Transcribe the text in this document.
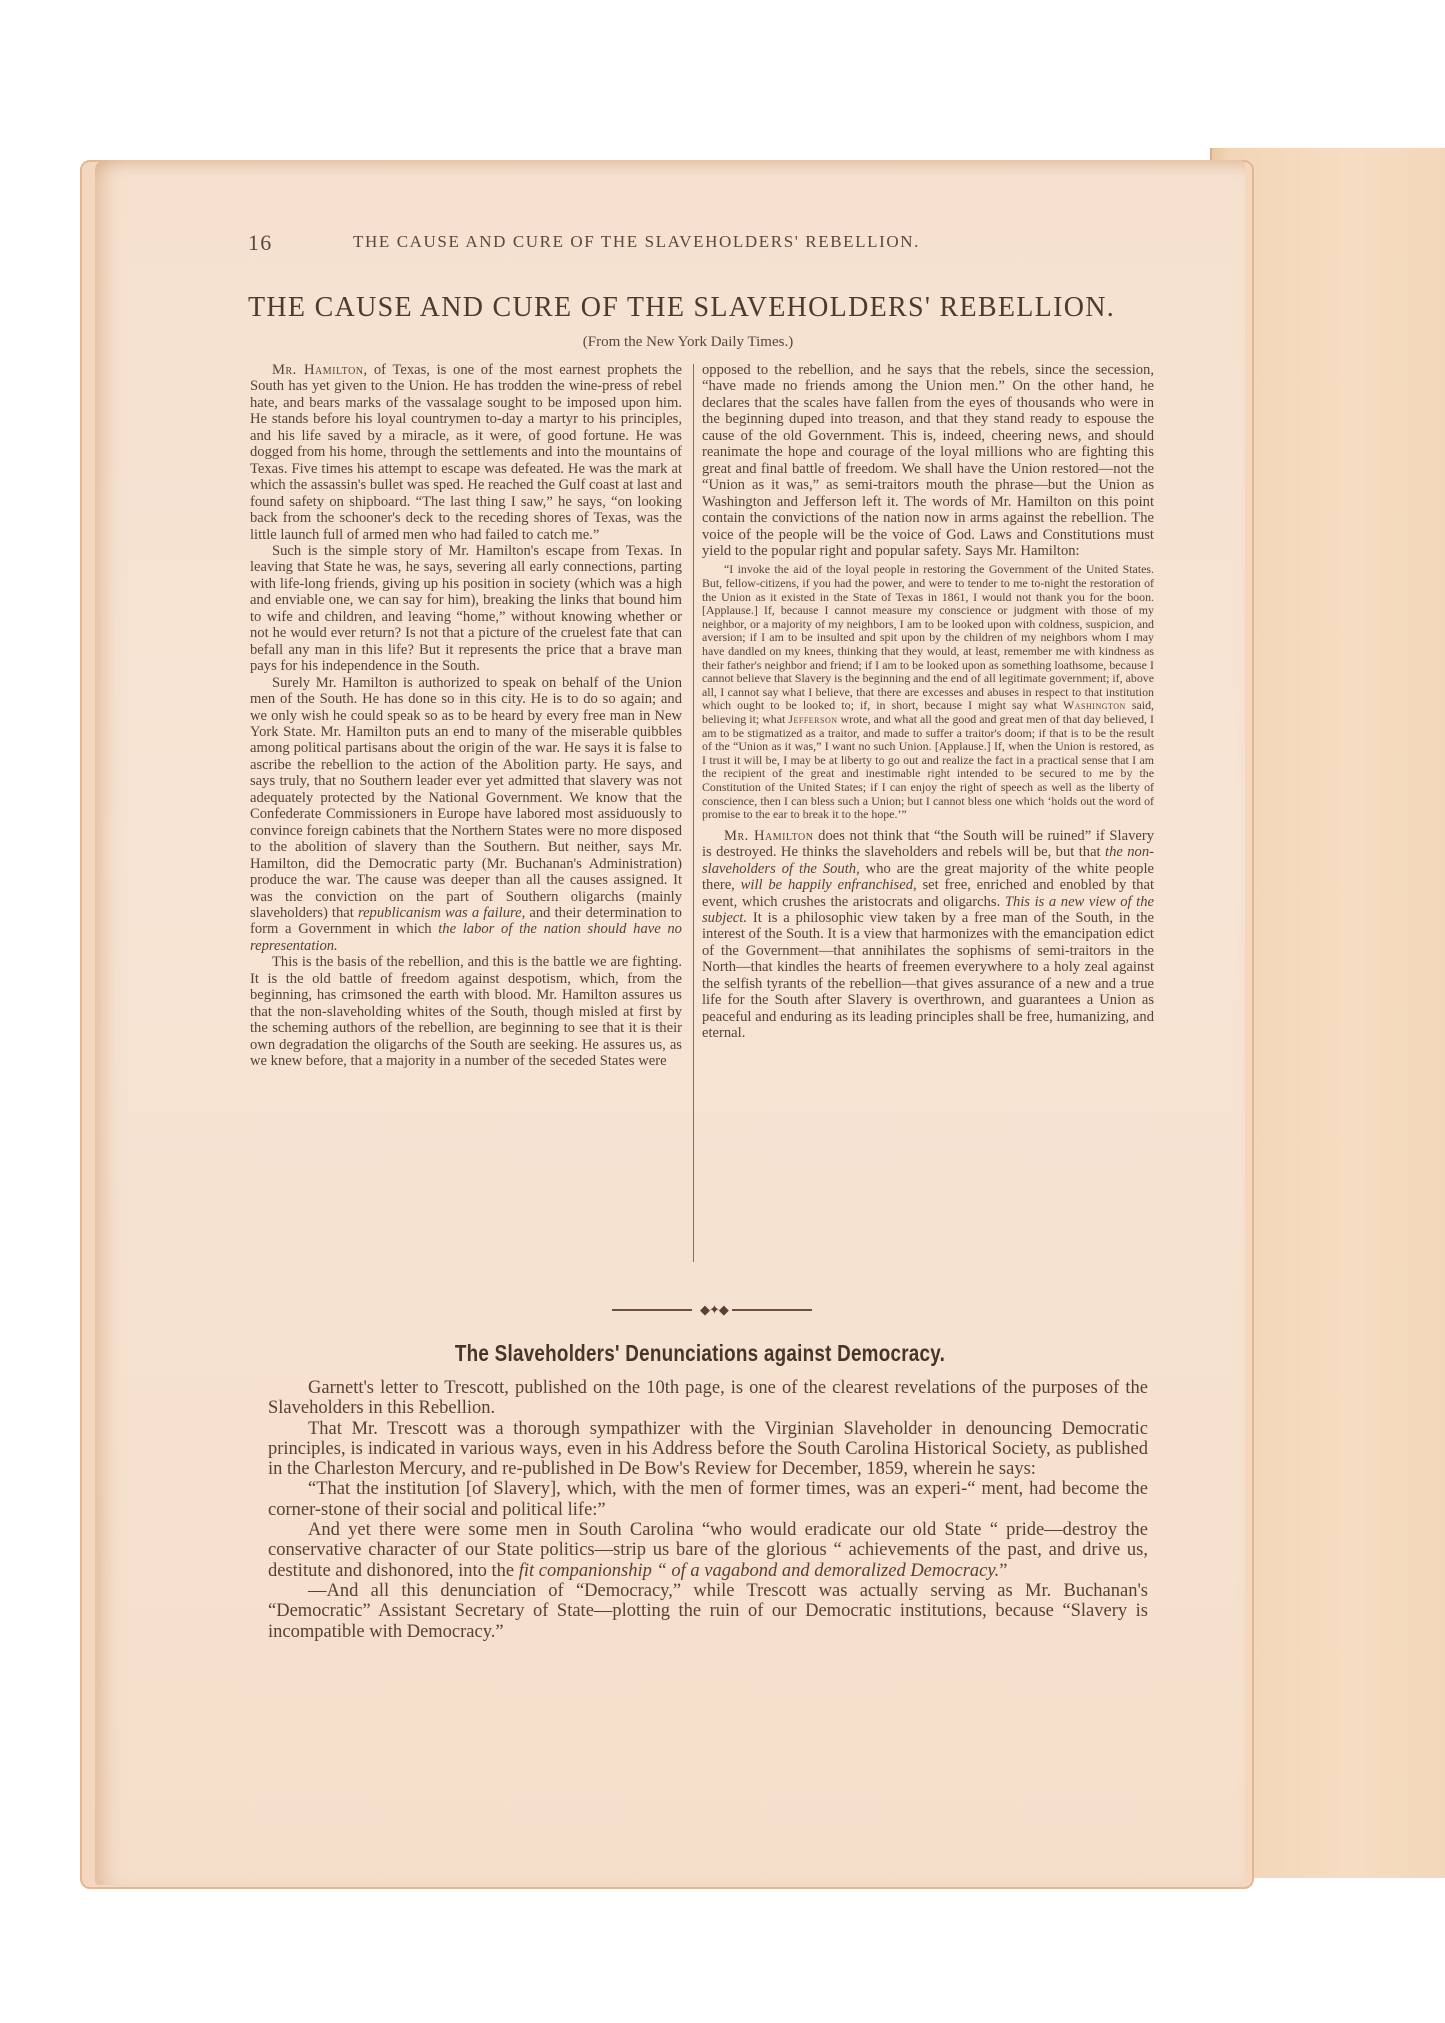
16	THE CAUSE AND CURE OF THE SLAVEHOLDERS' REBELLION.
THE CAUSE AND CURE OF THE SLAVEHOLDERS' REBELLION.
(From the New York Daily Times.)

Mr. Hamilton, of Texas, is one of the most earnest prophets the South has yet given to the Union. He has trodden the wine-press of rebel hate, and bears marks of the vassalage sought to be imposed upon him. He stands before his loyal countrymen to-day a martyr to his principles, and his life saved by a miracle, as it were, of good fortune. He was dogged from his home, through the settlements and into the mountains of Texas. Five times his attempt to escape was defeated. He was the mark at which the assassin's bullet was sped. He reached the Gulf coast at last and found safety on shipboard. “The last thing I saw,” he says, “on looking back from the schooner's deck to the receding shores of Texas, was the little launch full of armed men who had failed to catch me.”

Such is the simple story of Mr. Hamilton's escape from Texas. In leaving that State he was, he says, severing all early connections, parting with life-long friends, giving up his position in society (which was a high and enviable one, we can say for him), breaking the links that bound him to wife and children, and leaving “home,” without knowing whether or not he would ever return? Is not that a picture of the cruelest fate that can befall any man in this life? But it represents the price that a brave man pays for his independence in the South.

Surely Mr. Hamilton is authorized to speak on behalf of the Union men of the South. He has done so in this city. He is to do so again; and we only wish he could speak so as to be heard by every free man in New York State. Mr. Hamilton puts an end to many of the miserable quibbles among political partisans about the origin of the war. He says it is false to ascribe the rebellion to the action of the Abolition party. He says, and says truly, that no Southern leader ever yet admitted that slavery was not adequately protected by the National Government. We know that the Confederate Commissioners in Europe have labored most assiduously to convince foreign cabinets that the Northern States were no more disposed to the abolition of slavery than the Southern. But neither, says Mr. Hamilton, did the Democratic party (Mr. Buchanan's Administration) produce the war. The cause was deeper than all the causes assigned. It was the conviction on the part of Southern oligarchs (mainly slaveholders) that republicanism was a failure, and their determination to form a Government in which the labor of the nation should have no representation.

This is the basis of the rebellion, and this is the battle we are fighting. It is the old battle of freedom against despotism, which, from the beginning, has crimsoned the earth with blood. Mr. Hamilton assures us that the non-slaveholding whites of the South, though misled at first by the scheming authors of the rebellion, are beginning to see that it is their own degradation the oligarchs of the South are seeking. He assures us, as we knew before, that a majority in a number of the seceded States were

opposed to the rebellion, and he says that the rebels, since the secession, “have made no friends among the Union men.” On the other hand, he declares that the scales have fallen from the eyes of thousands who were in the beginning duped into treason, and that they stand ready to espouse the cause of the old Government. This is, indeed, cheering news, and should reanimate the hope and courage of the loyal millions who are fighting this great and final battle of freedom. We shall have the Union restored—not the “Union as it was,” as semi-traitors mouth the phrase—but the Union as Washington and Jefferson left it. The words of Mr. Hamilton on this point contain the convictions of the nation now in arms against the rebellion. The voice of the people will be the voice of God. Laws and Constitutions must yield to the popular right and popular safety. Says Mr. Hamilton:

“I invoke the aid of the loyal people in restoring the Government of the United States. But, fellow-citizens, if you had the power, and were to tender to me to-night the restoration of the Union as it existed in the State of Texas in 1861, I would not thank you for the boon. [Applause.] If, because I cannot measure my conscience or judgment with those of my neighbor, or a majority of my neighbors, I am to be looked upon with coldness, suspicion, and aversion; if I am to be insulted and spit upon by the children of my neighbors whom I may have dandled on my knees, thinking that they would, at least, remember me with kindness as their father's neighbor and friend; if I am to be looked upon as something loathsome, because I cannot believe that Slavery is the beginning and the end of all legitimate government; if, above all, I cannot say what I believe, that there are excesses and abuses in respect to that institution which ought to be looked to; if, in short, because I might say what Washington said, believing it; what Jefferson wrote, and what all the good and great men of that day believed, I am to be stigmatized as a traitor, and made to suffer a traitor's doom; if that is to be the result of the “Union as it was,” I want no such Union. [Applause.] If, when the Union is restored, as I trust it will be, I may be at liberty to go out and realize the fact in a practical sense that I am the recipient of the great and inestimable right intended to be secured to me by the Constitution of the United States; if I can enjoy the right of speech as well as the liberty of conscience, then I can bless such a Union; but I cannot bless one which ‘holds out the word of promise to the ear to break it to the hope.’”

Mr. Hamilton does not think that “the South will be ruined” if Slavery is destroyed. He thinks the slaveholders and rebels will be, but that the non-slaveholders of the South, who are the great majority of the white people there, will be happily enfranchised, set free, enriched and enobled by that event, which crushes the aristocrats and oligarchs. This is a new view of the subject. It is a philosophic view taken by a free man of the South, in the interest of the South. It is a view that harmonizes with the emancipation edict of the Government—that annihilates the sophisms of semi-traitors in the North—that kindles the hearts of freemen everywhere to a holy zeal against the selfish tyrants of the rebellion—that gives assurance of a new and a true life for the South after Slavery is overthrown, and guarantees a Union as peaceful and enduring as its leading principles shall be free, humanizing, and eternal.

◆✦◆
The Slaveholders' Denunciations against Democracy.

Garnett's letter to Trescott, published on the 10th page, is one of the clearest revelations of the purposes of the Slaveholders in this Rebellion.

That Mr. Trescott was a thorough sympathizer with the Virginian Slaveholder in denouncing Democratic principles, is indicated in various ways, even in his Address before the South Carolina Historical Society, as published in the Charleston Mercury, and re-published in De Bow's Review for December, 1859, wherein he says:

“That the institution [of Slavery], which, with the men of former times, was an experi-“ ment, had become the corner-stone of their social and political life:”

And yet there were some men in South Carolina “who would eradicate our old State “ pride—destroy the conservative character of our State politics—strip us bare of the glorious “ achievements of the past, and drive us, destitute and dishonored, into the fit companionship “ of a vagabond and demoralized Democracy.”

—And all this denunciation of “Democracy,” while Trescott was actually serving as Mr. Buchanan's “Democratic” Assistant Secretary of State—plotting the ruin of our Democratic institutions, because “Slavery is incompatible with Democracy.”
